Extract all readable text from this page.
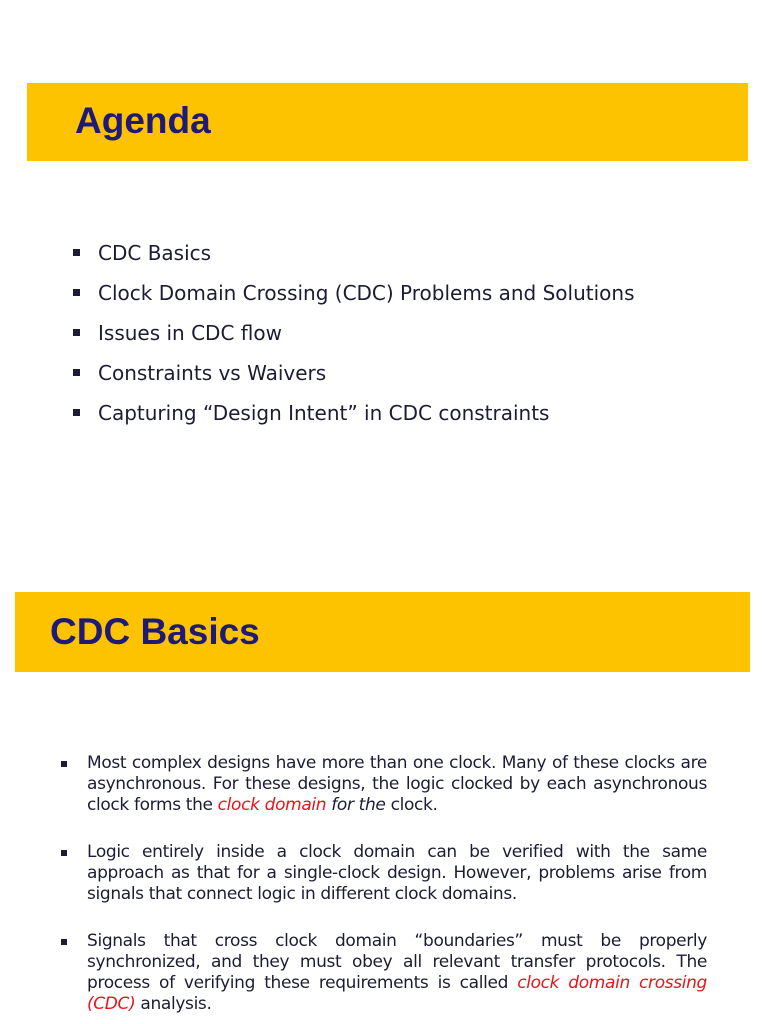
Agenda
CDC Basics
Clock Domain Crossing (CDC) Problems and Solutions
Issues in CDC flow
Constraints vs Waivers
Capturing “Design Intent” in CDC constraints
CDC Basics
Most complex designs have more than one clock. Many of these clocks are asynchronous. For these designs, the logic clocked by each asynchronous clock forms the clock domain for the clock.
Logic entirely inside a clock domain can be verified with the same approach as that for a single-clock design. However, problems arise from signals that connect logic in different clock domains.
Signals that cross clock domain “boundaries” must be properly synchronized, and they must obey all relevant transfer protocols. The process of verifying these requirements is called clock domain crossing (CDC) analysis.
